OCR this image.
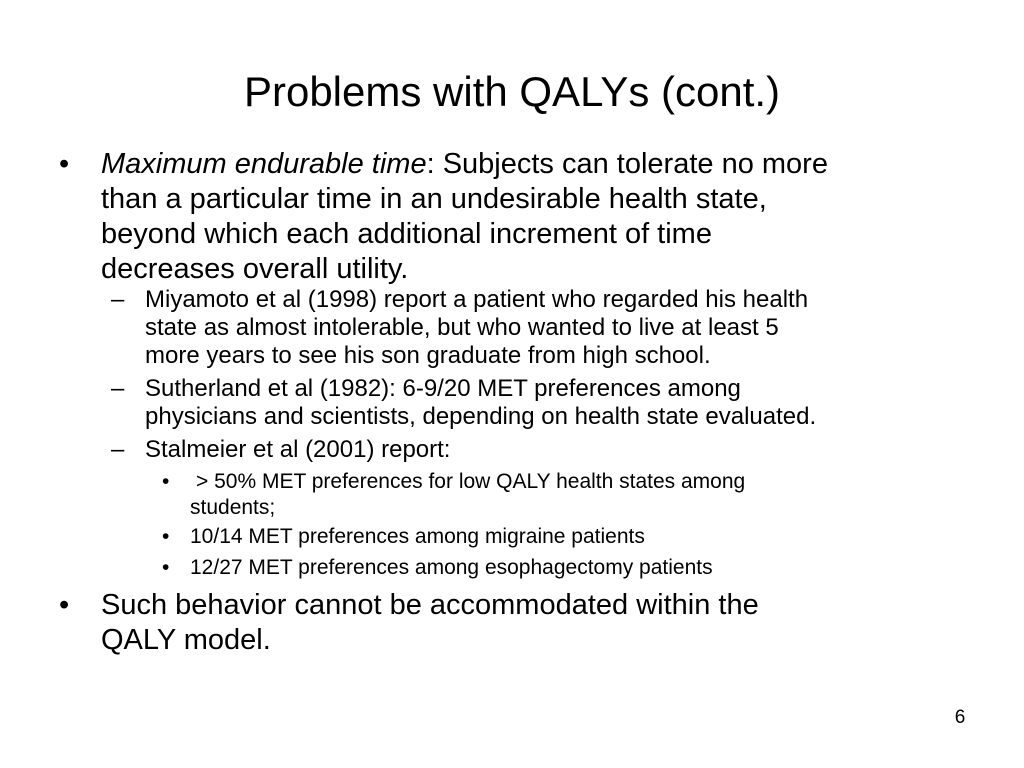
Problems with QALYs (cont.)
• Maximum endurable time: Subjects can tolerate no more
than a particular time in an undesirable health state,
beyond which each additional increment of time
decreases overall utility.
– Miyamoto et al (1998) report a patient who regarded his health
state as almost intolerable, but who wanted to live at least 5
more years to see his son graduate from high school.
– Sutherland et al (1982): 6-9/20 MET preferences among
physicians and scientists, depending on health state evaluated.
– Stalmeier et al (2001) report:
• > 50% MET preferences for low QALY health states among
students;
• 10/14 MET preferences among migraine patients
• 12/27 MET preferences among esophagectomy patients
• Such behavior cannot be accommodated within the
QALY model.
6
